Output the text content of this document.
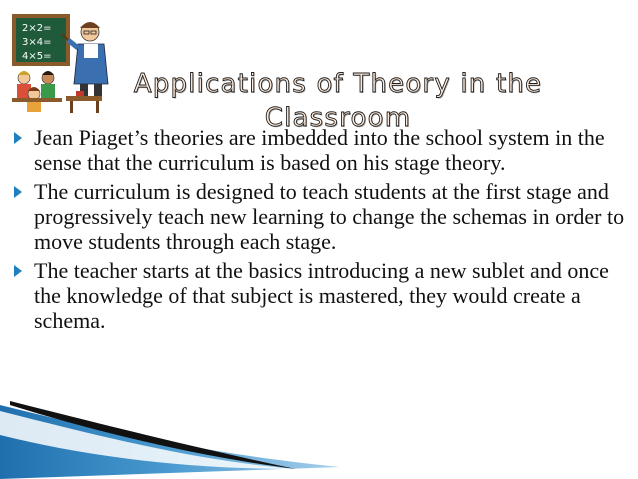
2×2=
3×4=
4×5=
Applications of Theory in the Classroom
Jean Piaget’s theories are imbedded into the school system in the sense that the curriculum is based on his stage theory.
The curriculum is designed to teach students at the first stage and progressively teach new learning to change the schemas in order to move students through each stage.
The teacher starts at the basics introducing a new sublet and once the knowledge of that subject is mastered, they would create a schema.
